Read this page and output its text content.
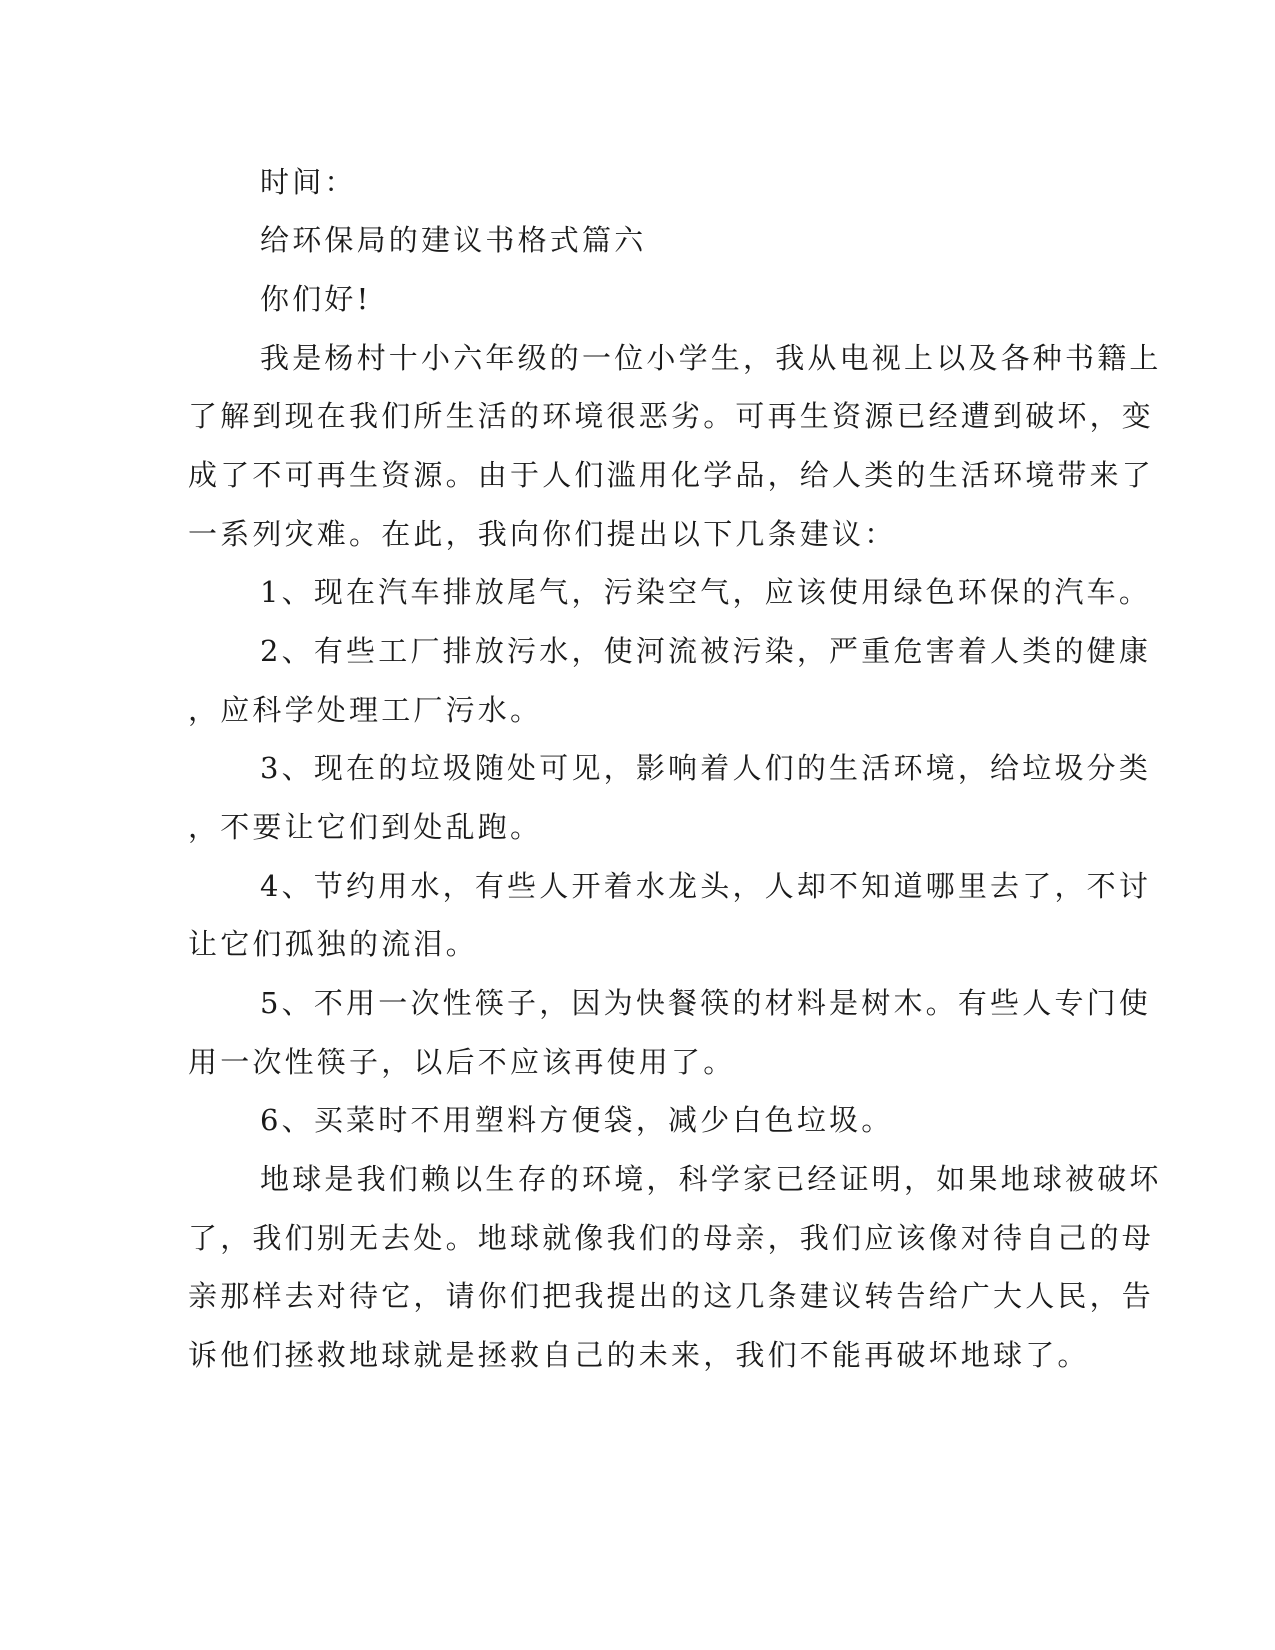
时间：
给环保局的建议书格式篇六
你们好!
我是杨村十小六年级的一位小学生，我从电视上以及各种书籍上
了解到现在我们所生活的环境很恶劣。可再生资源已经遭到破坏，变
成了不可再生资源。由于人们滥用化学品，给人类的生活环境带来了
一系列灾难。在此，我向你们提出以下几条建议：
1、现在汽车排放尾气，污染空气，应该使用绿色环保的汽车。
2、有些工厂排放污水，使河流被污染，严重危害着人类的健康
，应科学处理工厂污水。
3、现在的垃圾随处可见，影响着人们的生活环境，给垃圾分类
，不要让它们到处乱跑。
4、节约用水，有些人开着水龙头，人却不知道哪里去了，不讨
让它们孤独的流泪。
5、不用一次性筷子，因为快餐筷的材料是树木。有些人专门使
用一次性筷子，以后不应该再使用了。
6、买菜时不用塑料方便袋，减少白色垃圾。
地球是我们赖以生存的环境，科学家已经证明，如果地球被破坏
了，我们别无去处。地球就像我们的母亲，我们应该像对待自己的母
亲那样去对待它，请你们把我提出的这几条建议转告给广大人民，告
诉他们拯救地球就是拯救自己的未来，我们不能再破坏地球了。
